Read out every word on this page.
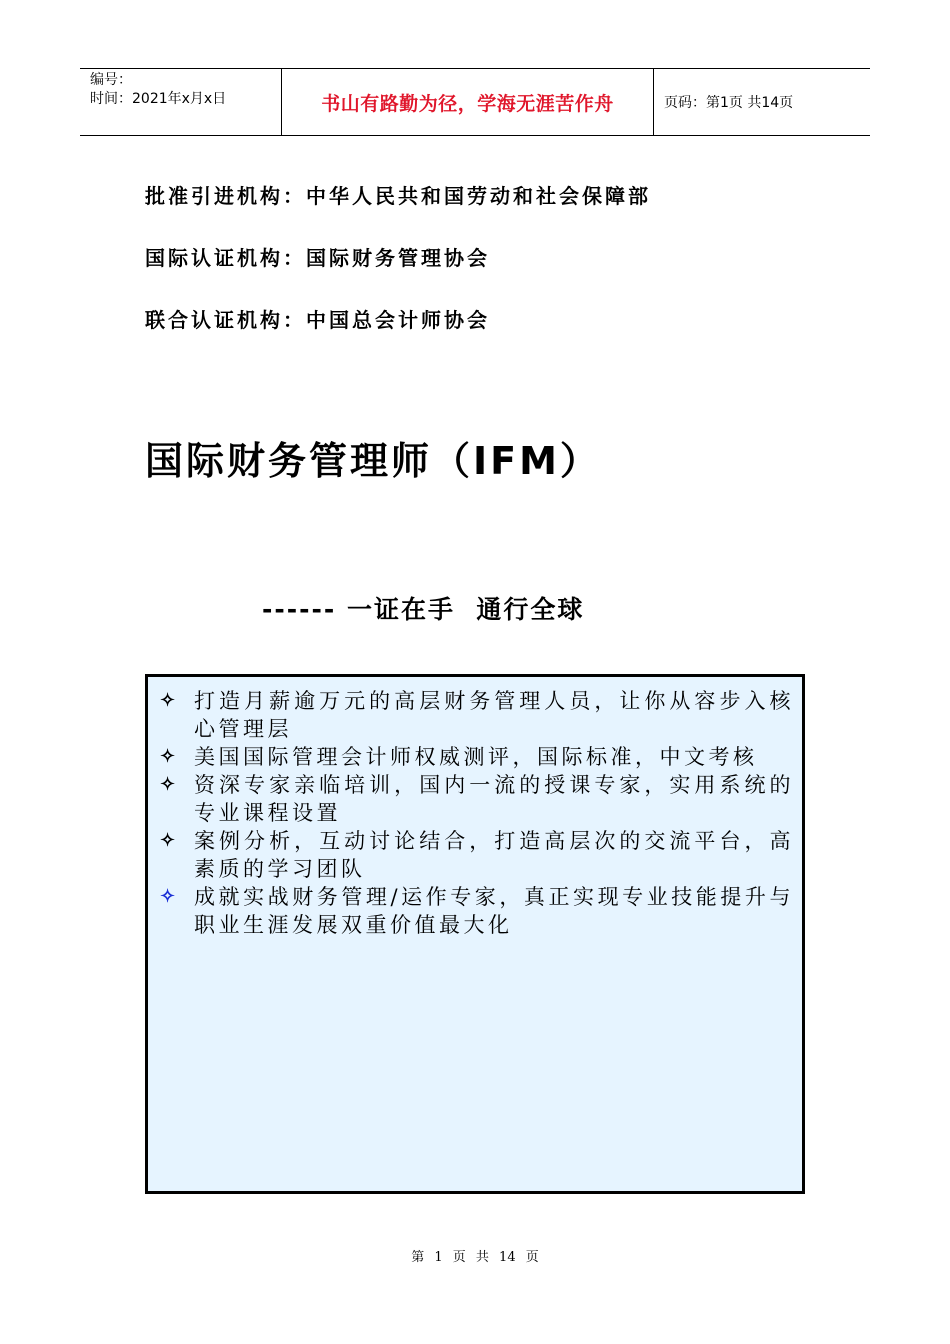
编号：
时间：2021年x月x日	书山有路勤为径，学海无涯苦作舟	页码：第1页 共14页
批准引进机构：中华人民共和国劳动和社会保障部
国际认证机构：国际财务管理协会
联合认证机构：中国总会计师协会
国际财务管理师（IFM）
------ 一证在手  通行全球
✧ 打造月薪逾万元的高层财务管理人员，让你从容步入核心管理层
✧ 美国国际管理会计师权威测评，国际标准，中文考核
✧ 资深专家亲临培训，国内一流的授课专家，实用系统的专业课程设置
✧ 案例分析，互动讨论结合，打造高层次的交流平台，高素质的学习团队
✧ 成就实战财务管理/运作专家，真正实现专业技能提升与职业生涯发展双重价值最大化
第 1 页 共 14 页
